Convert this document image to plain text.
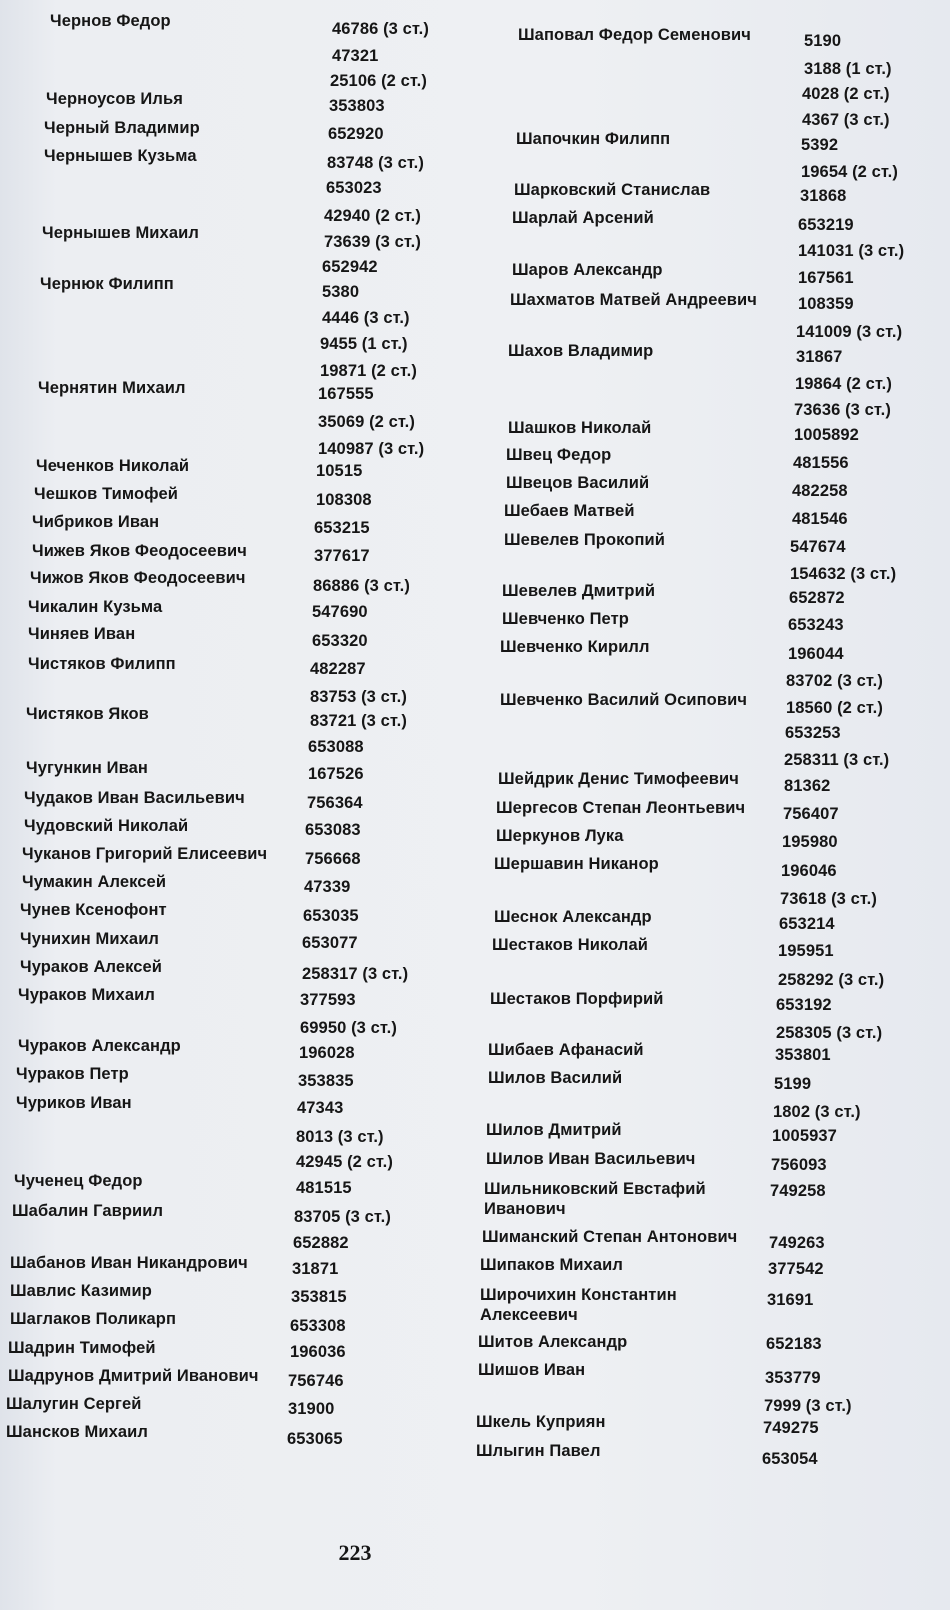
Чернов Федор
Черноусов Илья
Черный Владимир
Чернышев Кузьма
Чернышев Михаил
Чернюк Филипп
Чернятин Михаил
Чеченков Николай
Чешков Тимофей
Чибриков Иван
Чижев Яков Феодосеевич
Чижов Яков Феодосеевич
Чикалин Кузьма
Чиняев Иван
Чистяков Филипп
Чистяков Яков
Чугункин Иван
Чудаков Иван Васильевич
Чудовский Николай
Чуканов Григорий Елисеевич
Чумакин Алексей
Чунев Ксенофонт
Чунихин Михаил
Чураков Алексей
Чураков Михаил
Чураков Александр
Чураков Петр
Чуриков Иван
Чученец Федор
Шабалин Гавриил
Шабанов Иван Никандрович
Шавлис Казимир
Шаглаков Поликарп
Шадрин Тимофей
Шадрунов Дмитрий Иванович
Шалугин Сергей
Шансков Михаил
46786 (3 ст.)
47321
25106 (2 ст.)
353803
652920
83748 (3 ст.)
653023
42940 (2 ст.)
73639 (3 ст.)
652942
5380
4446 (3 ст.)
9455 (1 ст.)
19871 (2 ст.)
167555
35069 (2 ст.)
140987 (3 ст.)
10515
108308
653215
377617
86886 (3 ст.)
547690
653320
482287
83753 (3 ст.)
83721 (3 ст.)
653088
167526
756364
653083
756668
47339
653035
653077
258317 (3 ст.)
377593
69950 (3 ст.)
196028
353835
47343
8013 (3 ст.)
42945 (2 ст.)
481515
83705 (3 ст.)
652882
31871
353815
653308
196036
756746
31900
653065
Шаповал Федор Семенович
Шапочкин Филипп
Шарковский Станислав
Шарлай Арсений
Шаров Александр
Шахматов Матвей Андреевич
Шахов Владимир
Шашков Николай
Швец Федор
Швецов Василий
Шебаев Матвей
Шевелев Прокопий
Шевелев Дмитрий
Шевченко Петр
Шевченко Кирилл
Шевченко Василий Осипович
Шейдрик Денис Тимофеевич
Шергесов Степан Леонтьевич
Шеркунов Лука
Шершавин Никанор
Шеснок Александр
Шестаков Николай
Шестаков Порфирий
Шибаев Афанасий
Шилов Василий
Шилов Дмитрий
Шилов Иван Васильевич
Шильниковский Евстафий
Иванович
Шиманский Степан Антонович
Шипаков Михаил
Широчихин Константин
Алексеевич
Шитов Александр
Шишов Иван
Шкель Куприян
Шлыгин Павел
5190
3188 (1 ст.)
4028 (2 ст.)
4367 (3 ст.)
5392
19654 (2 ст.)
31868
653219
141031 (3 ст.)
167561
108359
141009 (3 ст.)
31867
19864 (2 ст.)
73636 (3 ст.)
1005892
481556
482258
481546
547674
154632 (3 ст.)
652872
653243
196044
83702 (3 ст.)
18560 (2 ст.)
653253
258311 (3 ст.)
81362
756407
195980
196046
73618 (3 ст.)
653214
195951
258292 (3 ст.)
653192
258305 (3 ст.)
353801
5199
1802 (3 ст.)
1005937
756093
749258
749263
377542
31691
652183
353779
7999 (3 ст.)
749275
653054
223
